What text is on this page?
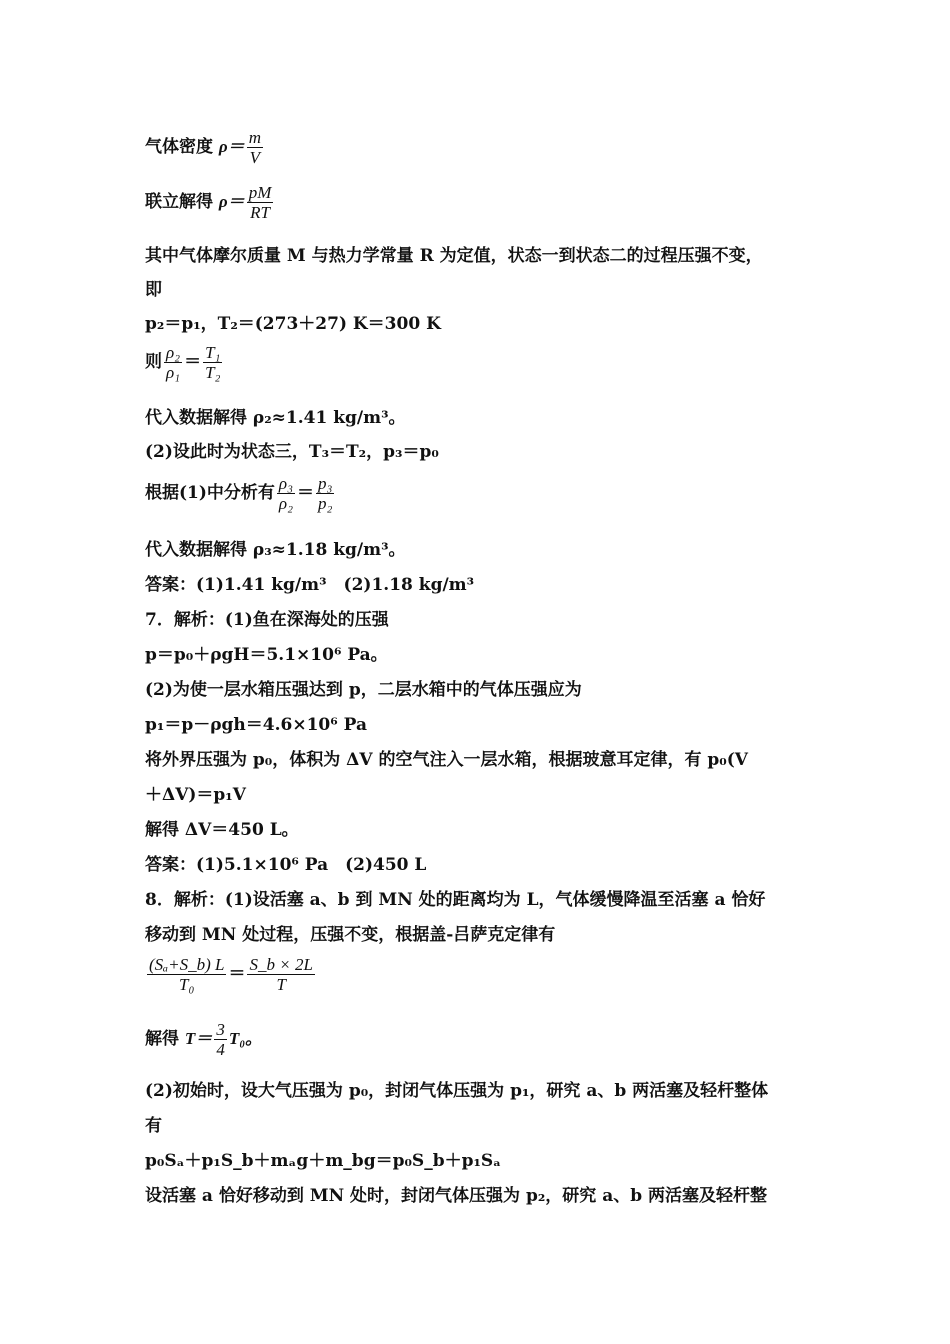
气体密度 $\rho= \frac{m}{V}$
联立解得 $\rho= \frac{pM}{RT}$
其中气体摩尔质量 M 与热力学常量 R 为定值，状态一到状态二的过程压强不变，
即
p₂＝p₁，T₂＝(273＋27) K＝300 K
则 $\frac{\text{ρ₂}}{\text{ρ₁}} = \frac{\text{T₁}}{\text{T₂}}$
代入数据解得 ρ₂≈1.41 kg/m³。
(2)设此时为状态三，T₃＝T₂，p₃＝p₀
根据(1)中分析有 $\frac{\text{ρ₃}}{\text{ρ₂}} = \frac{\text{p₃}}{\text{p₂}}$
代入数据解得 ρ₃≈1.18 kg/m³。
答案：(1)1.41 kg/m³　(2)1.18 kg/m³
7．解析：(1)鱼在深海处的压强
p＝p₀＋ρgH＝5.1×10⁶ Pa。
(2)为使一层水箱压强达到 p，二层水箱中的气体压强应为
p₁＝p－ρgh＝4.6×10⁶ Pa
将外界压强为 p₀，体积为 ΔV 的空气注入一层水箱，根据玻意耳定律，有 p₀(V
＋ΔV)＝p₁V
解得 ΔV＝450 L。
答案：(1)5.1×10⁶ Pa　(2)450 L
8．解析：(1)设活塞 a、b 到 MN 处的距离均为 L，气体缓慢降温至活塞 a 恰好
移动到 MN 处过程，压强不变，根据盖-吕萨克定律有
$\frac{\text{(Sₐ+S\_b) L}}{\text{T₀}} = \frac{S\_b \times 2L}{T}$
解得 $T= \frac{3}{4} T_0$。
(2)初始时，设大气压强为 p₀，封闭气体压强为 p₁，研究 a、b 两活塞及轻杆整体
有
p₀Sₐ＋p₁S_b＋mₐg＋m_bg＝p₀S_b＋p₁Sₐ
设活塞 a 恰好移动到 MN 处时，封闭气体压强为 p₂，研究 a、b 两活塞及轻杆整
